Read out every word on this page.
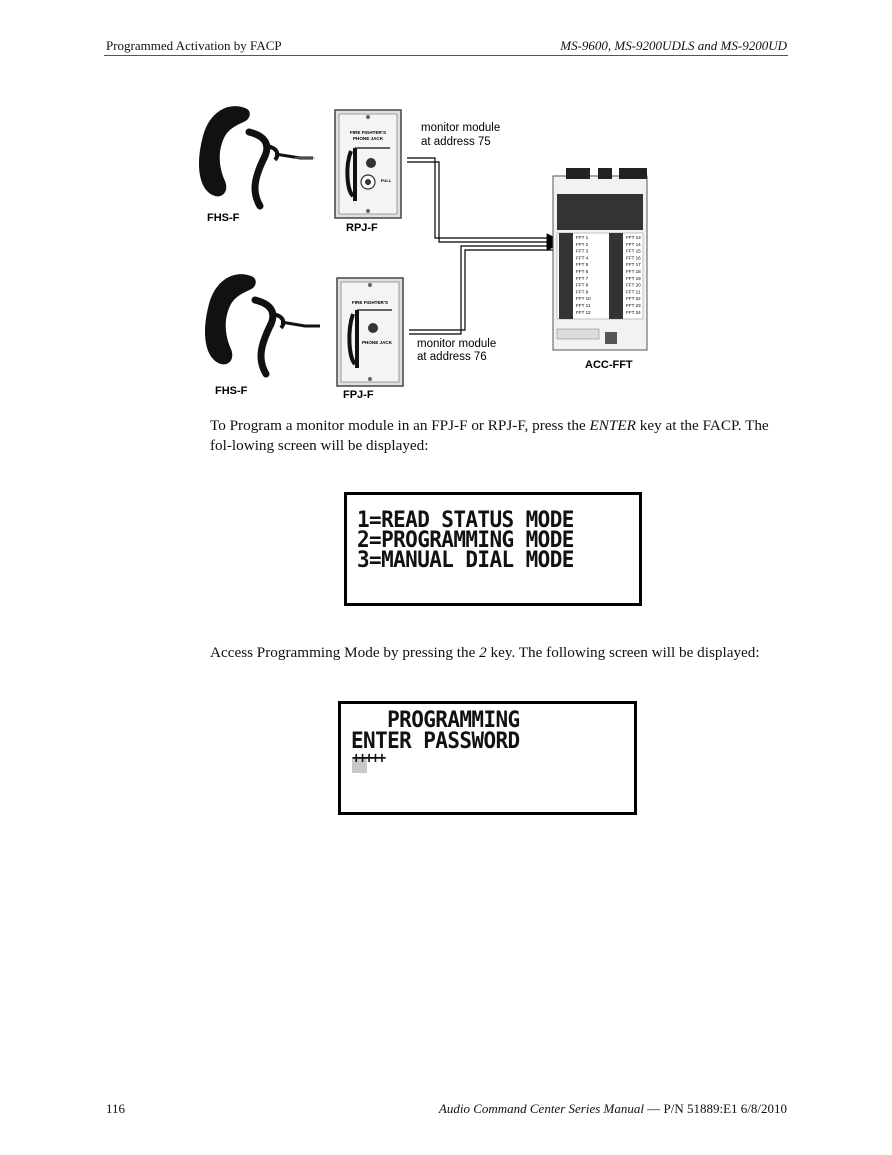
Programmed Activation by FACP	MS-9600, MS-9200UDLS and MS-9200UD
FHS-F
FIRE FIGHTER'S
PHONE JACK
PULL
RPJ-F
FHS-F
FIRE FIGHTER'S
PHONE JACK
FPJ-F
monitor module
at address 75
monitor module
at address 76
FFT 1
FFT 2
FFT 3
FFT 4
FFT 5
FFT 6
FFT 7
FFT 8
FFT 9
FFT 10
FFT 11
FFT 12
FFT 13
FFT 14
FFT 15
FFT 16
FFT 17
FFT 18
FFT 19
FFT 20
FFT 21
FFT 22
FFT 23
FFT 24
ACC-FFT

To Program a monitor module in an FPJ-F or RPJ-F, press the ENTER key at the FACP. The fol-lowing screen will be displayed:

1=READ STATUS MODE
2=PROGRAMMING MODE
3=MANUAL DIAL MODE

Access Programming Mode by pressing the 2 key. The following screen will be displayed:

PROGRAMMING
ENTER PASSWORD
+++++
116	Audio Command Center Series Manual — P/N 51889:E1 6/8/2010
